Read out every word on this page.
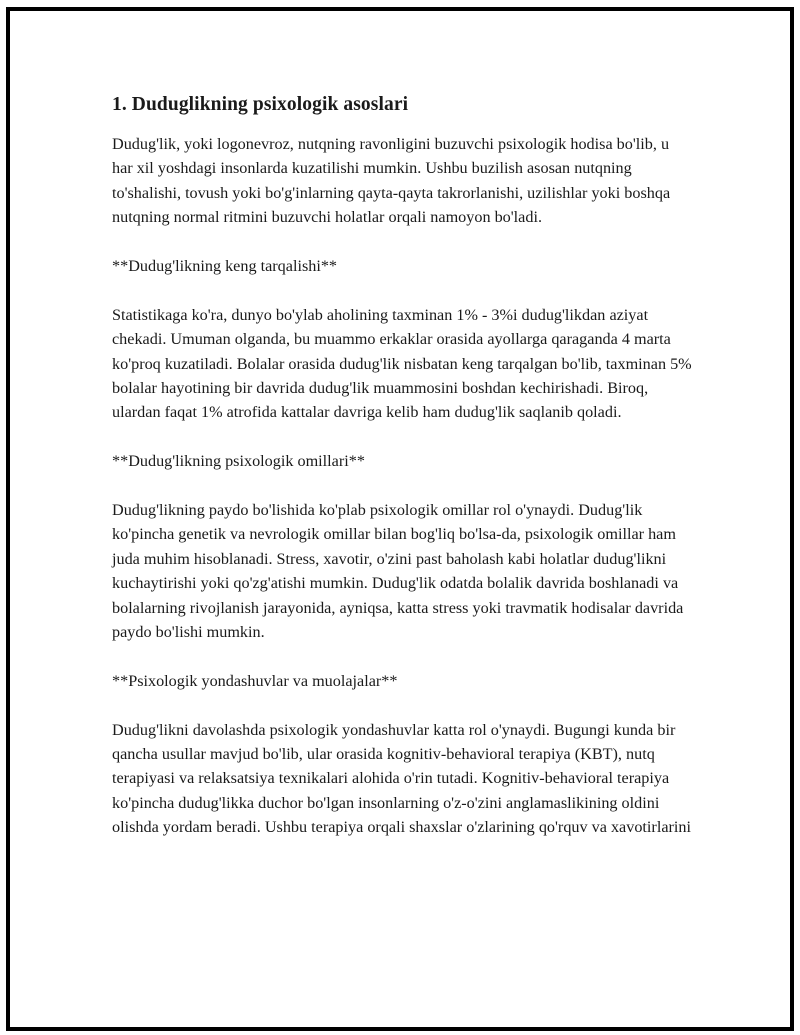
1. Duduglikning psixologik asoslari

Dudug'lik, yoki logonevroz, nutqning ravonligini buzuvchi psixologik hodisa bo'lib, u har xil yoshdagi insonlarda kuzatilishi mumkin. Ushbu buzilish asosan nutqning to'shalishi, tovush yoki bo'g'inlarning qayta-qayta takrorlanishi, uzilishlar yoki boshqa nutqning normal ritmini buzuvchi holatlar orqali namoyon bo'ladi.

**Dudug'likning keng tarqalishi**

Statistikaga ko'ra, dunyo bo'ylab aholining taxminan 1% - 3%i dudug'likdan aziyat chekadi. Umuman olganda, bu muammo erkaklar orasida ayollarga qaraganda 4 marta ko'proq kuzatiladi. Bolalar orasida dudug'lik nisbatan keng tarqalgan bo'lib, taxminan 5% bolalar hayotining bir davrida dudug'lik muammosini boshdan kechirishadi. Biroq, ulardan faqat 1% atrofida kattalar davriga kelib ham dudug'lik saqlanib qoladi.

**Dudug'likning psixologik omillari**

Dudug'likning paydo bo'lishida ko'plab psixologik omillar rol o'ynaydi. Dudug'lik ko'pincha genetik va nevrologik omillar bilan bog'liq bo'lsa-da, psixologik omillar ham juda muhim hisoblanadi. Stress, xavotir, o'zini past baholash kabi holatlar dudug'likni kuchaytirishi yoki qo'zg'atishi mumkin. Dudug'lik odatda bolalik davrida boshlanadi va bolalarning rivojlanish jarayonida, ayniqsa, katta stress yoki travmatik hodisalar davrida paydo bo'lishi mumkin.

**Psixologik yondashuvlar va muolajalar**

Dudug'likni davolashda psixologik yondashuvlar katta rol o'ynaydi. Bugungi kunda bir qancha usullar mavjud bo'lib, ular orasida kognitiv-behavioral terapiya (KBT), nutq terapiyasi va relaksatsiya texnikalari alohida o'rin tutadi. Kognitiv-behavioral terapiya ko'pincha dudug'likka duchor bo'lgan insonlarning o'z-o'zini anglamaslikining oldini olishda yordam beradi. Ushbu terapiya orqali shaxslar o'zlarining qo'rquv va xavotirlarini
